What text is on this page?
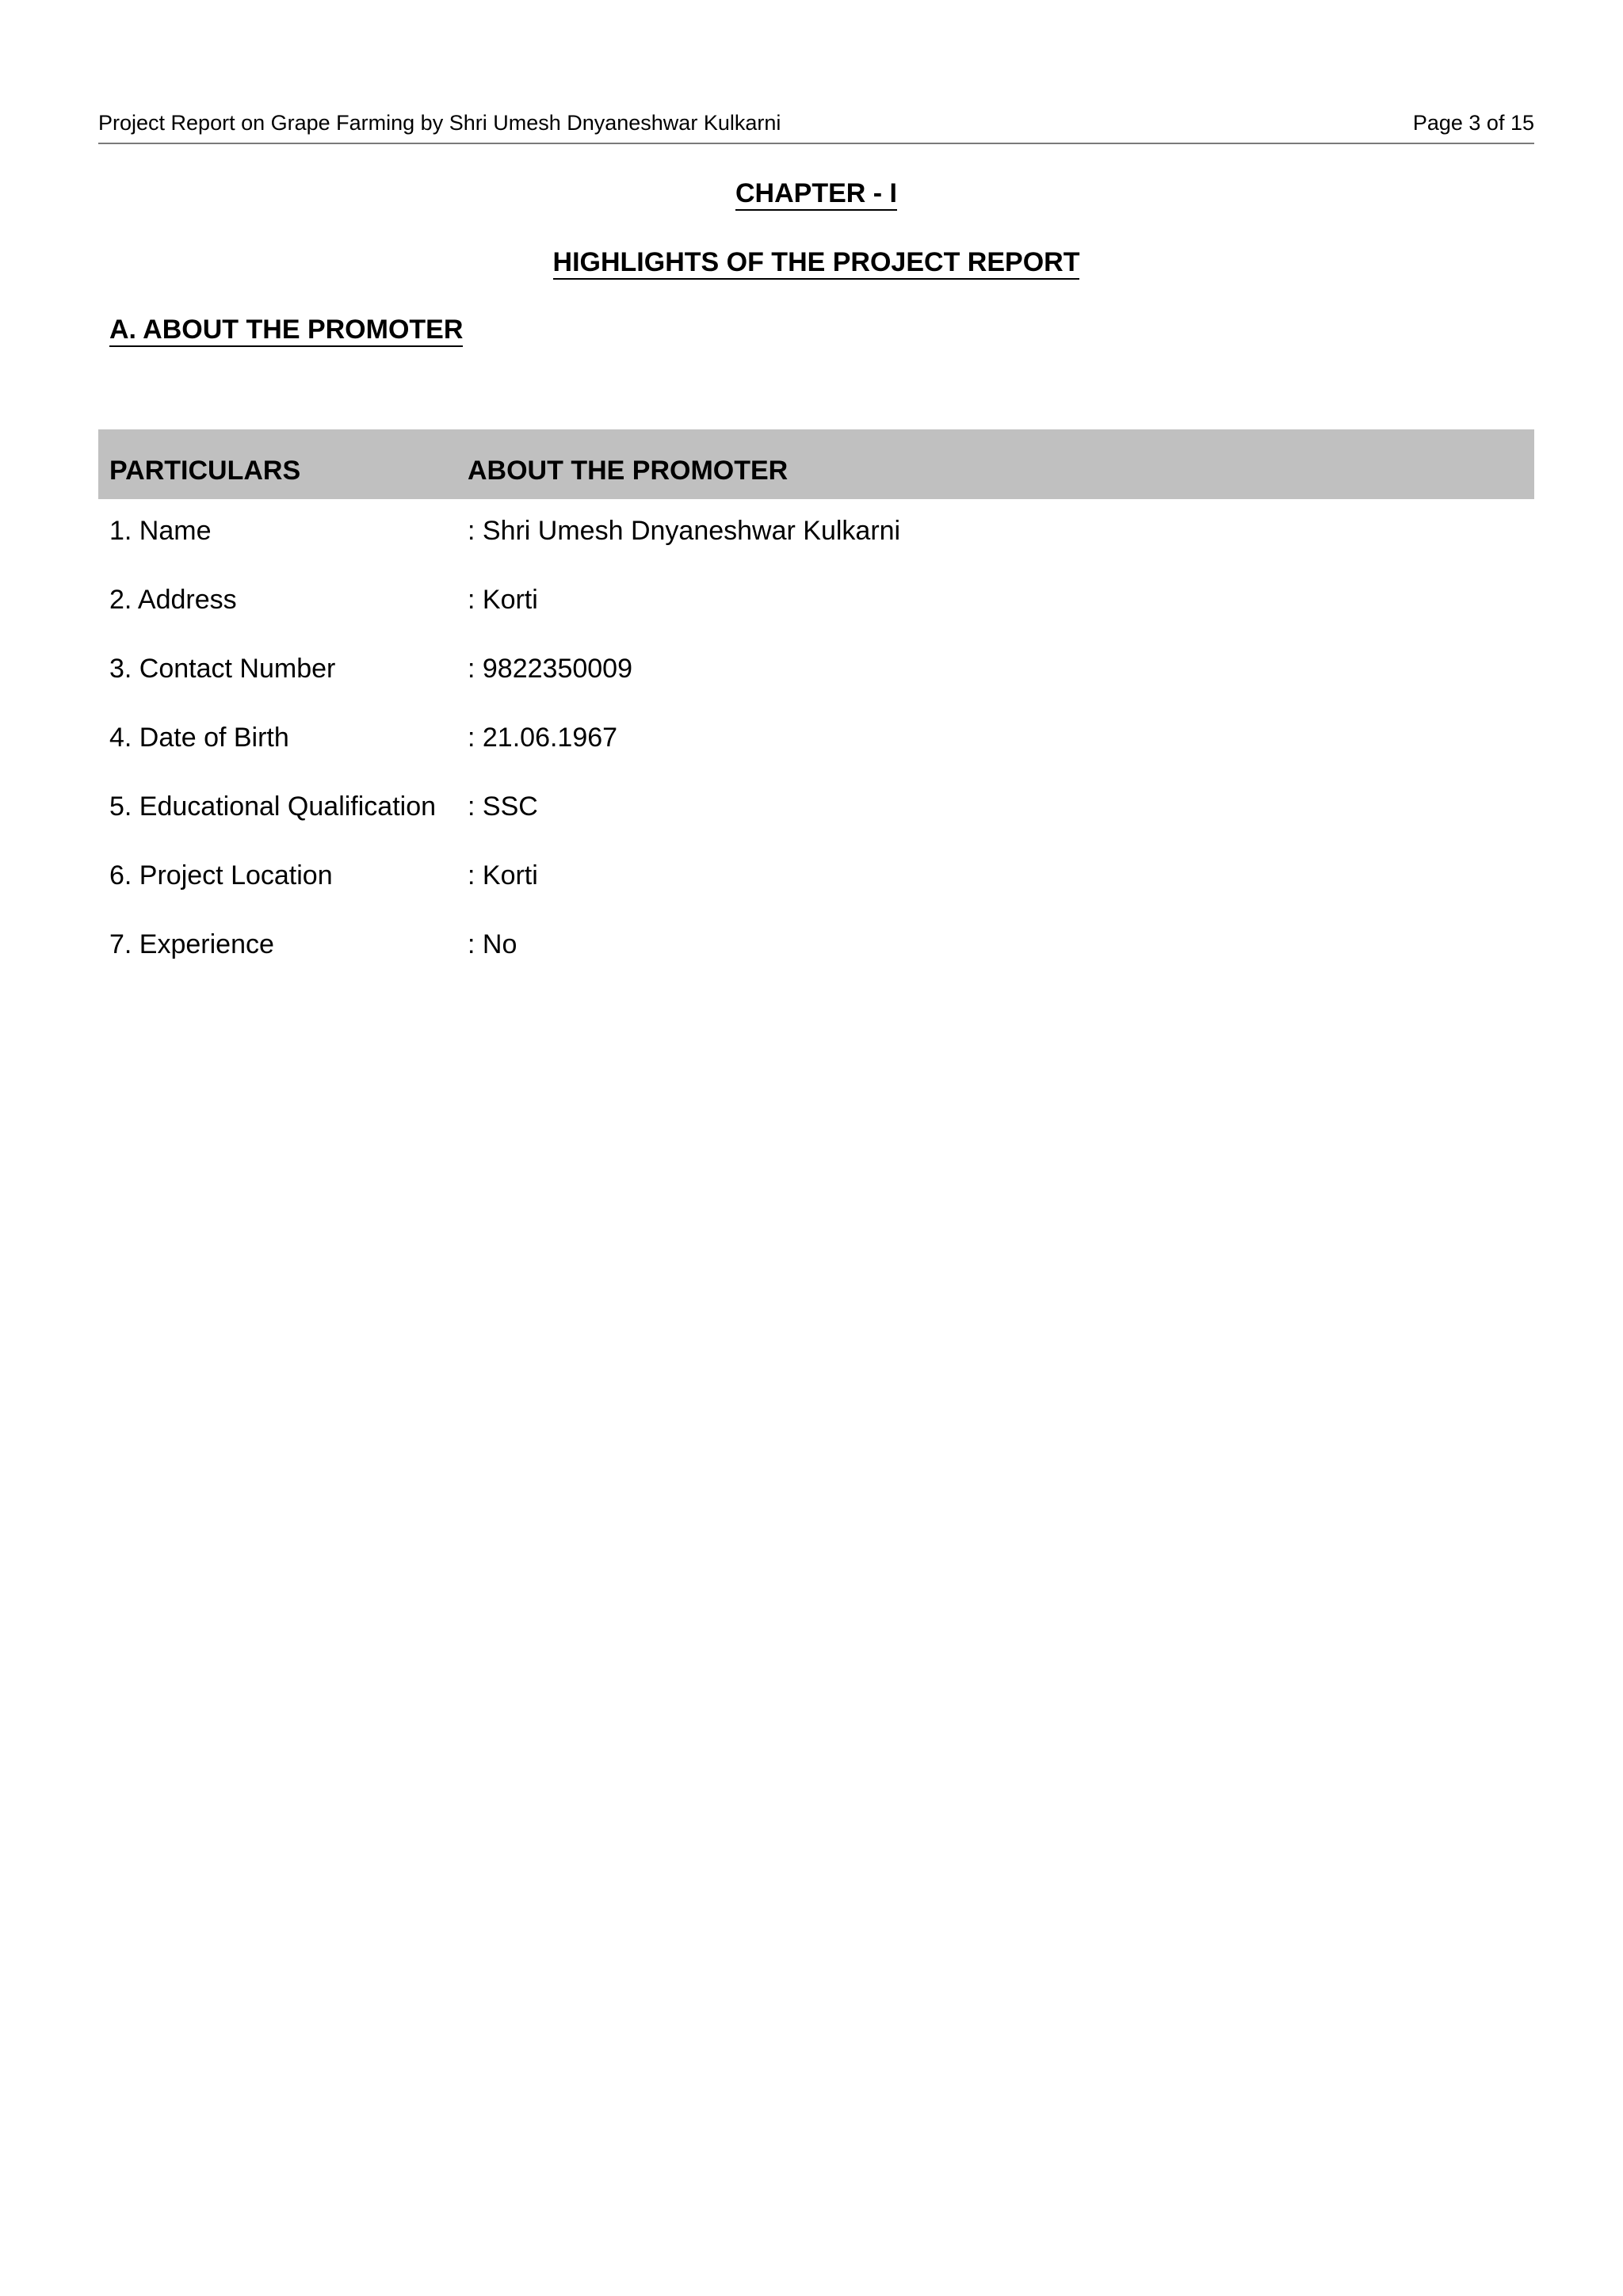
Project Report on Grape Farming by Shri Umesh Dnyaneshwar Kulkarni	Page 3 of 15
CHAPTER - I
HIGHLIGHTS OF THE PROJECT REPORT
A. ABOUT THE PROMOTER
PARTICULARS	ABOUT THE PROMOTER
1. Name	: Shri Umesh Dnyaneshwar Kulkarni
2. Address	: Korti
3. Contact Number	: 9822350009
4. Date of Birth	: 21.06.1967
5. Educational Qualification : SSC
6. Project Location	: Korti
7. Experience	: No
